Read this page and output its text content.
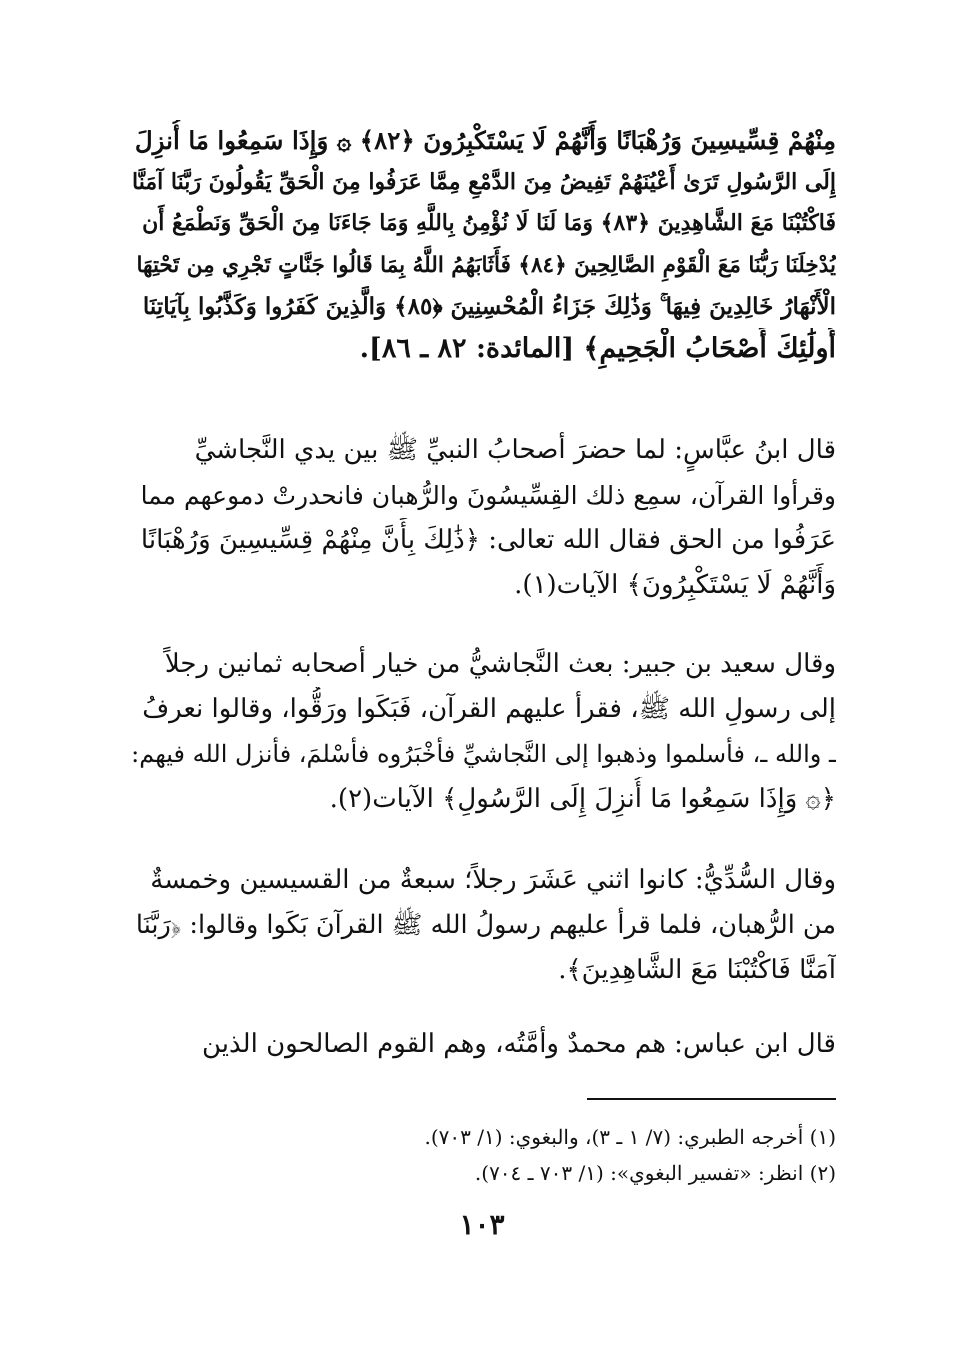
مِنْهُمْ قِسِّيسِينَ وَرُهْبَانًا وَأَنَّهُمْ لَا يَسْتَكْبِرُونَ ﴿٨٢﴾ ۞ وَإِذَا سَمِعُوا مَا أُنزِلَ
إِلَى الرَّسُولِ تَرَىٰ أَعْيُنَهُمْ تَفِيضُ مِنَ الدَّمْعِ مِمَّا عَرَفُوا مِنَ الْحَقِّ يَقُولُونَ رَبَّنَا آمَنَّا
فَاكْتُبْنَا مَعَ الشَّاهِدِينَ ﴿٨٣﴾ وَمَا لَنَا لَا نُؤْمِنُ بِاللَّهِ وَمَا جَاءَنَا مِنَ الْحَقِّ وَنَطْمَعُ أَن
يُدْخِلَنَا رَبُّنَا مَعَ الْقَوْمِ الصَّالِحِينَ ﴿٨٤﴾ فَأَثَابَهُمُ اللَّهُ بِمَا قَالُوا جَنَّاتٍ تَجْرِي مِن تَحْتِهَا
الْأَنْهَارُ خَالِدِينَ فِيهَا ۚ وَذَٰلِكَ جَزَاءُ الْمُحْسِنِينَ ﴿٨٥﴾ وَالَّذِينَ كَفَرُوا وَكَذَّبُوا بِآيَاتِنَا
أُولَٰئِكَ أَصْحَابُ الْجَحِيمِ﴾ [المائدة: ٨٢ ـ ٨٦].
قال ابنُ عبَّاسٍ: لما حضرَ أصحابُ النبيِّ ﷺ بين يدي النَّجاشيِّ
وقرأوا القرآن، سمِع ذلك القِسِّيسُونَ والرُّهبان فانحدرتْ دموعهم مما
عَرَفُوا من الحق فقال الله تعالى: ﴿ذَٰلِكَ بِأَنَّ مِنْهُمْ قِسِّيسِينَ وَرُهْبَانًا
وَأَنَّهُمْ لَا يَسْتَكْبِرُونَ﴾ الآيات(١).
وقال سعيد بن جبير: بعث النَّجاشيُّ من خيار أصحابه ثمانين رجلاً
إلى رسولِ الله ﷺ، فقرأ عليهم القرآن، فَبَكَوا ورَقُّوا، وقالوا نعرفُ
ـ والله ـ، فأسلموا وذهبوا إلى النَّجاشيِّ فأخْبَرُوه فأسْلمَ، فأنزل الله فيهم:
﴿۞ وَإِذَا سَمِعُوا مَا أُنزِلَ إِلَى الرَّسُولِ﴾ الآيات(٢).
وقال السُّدِّيُّ: كانوا اثني عَشَرَ رجلاً؛ سبعةٌ من القسيسين وخمسةٌ
من الرُّهبان، فلما قرأ عليهم رسولُ الله ﷺ القرآنَ بَكَوا وقالوا: ﴿رَبَّنَا
آمَنَّا فَاكْتُبْنَا مَعَ الشَّاهِدِينَ﴾.
قال ابن عباس: هم محمدٌ وأمَّتُه، وهم القوم الصالحون الذين
(١) أخرجه الطبري: (٧/ ١ ـ ٣)، والبغوي: (١/ ٧٠٣).
(٢) انظر: «تفسير البغوي»: (١/ ٧٠٣ ـ ٧٠٤).
١٠٣
